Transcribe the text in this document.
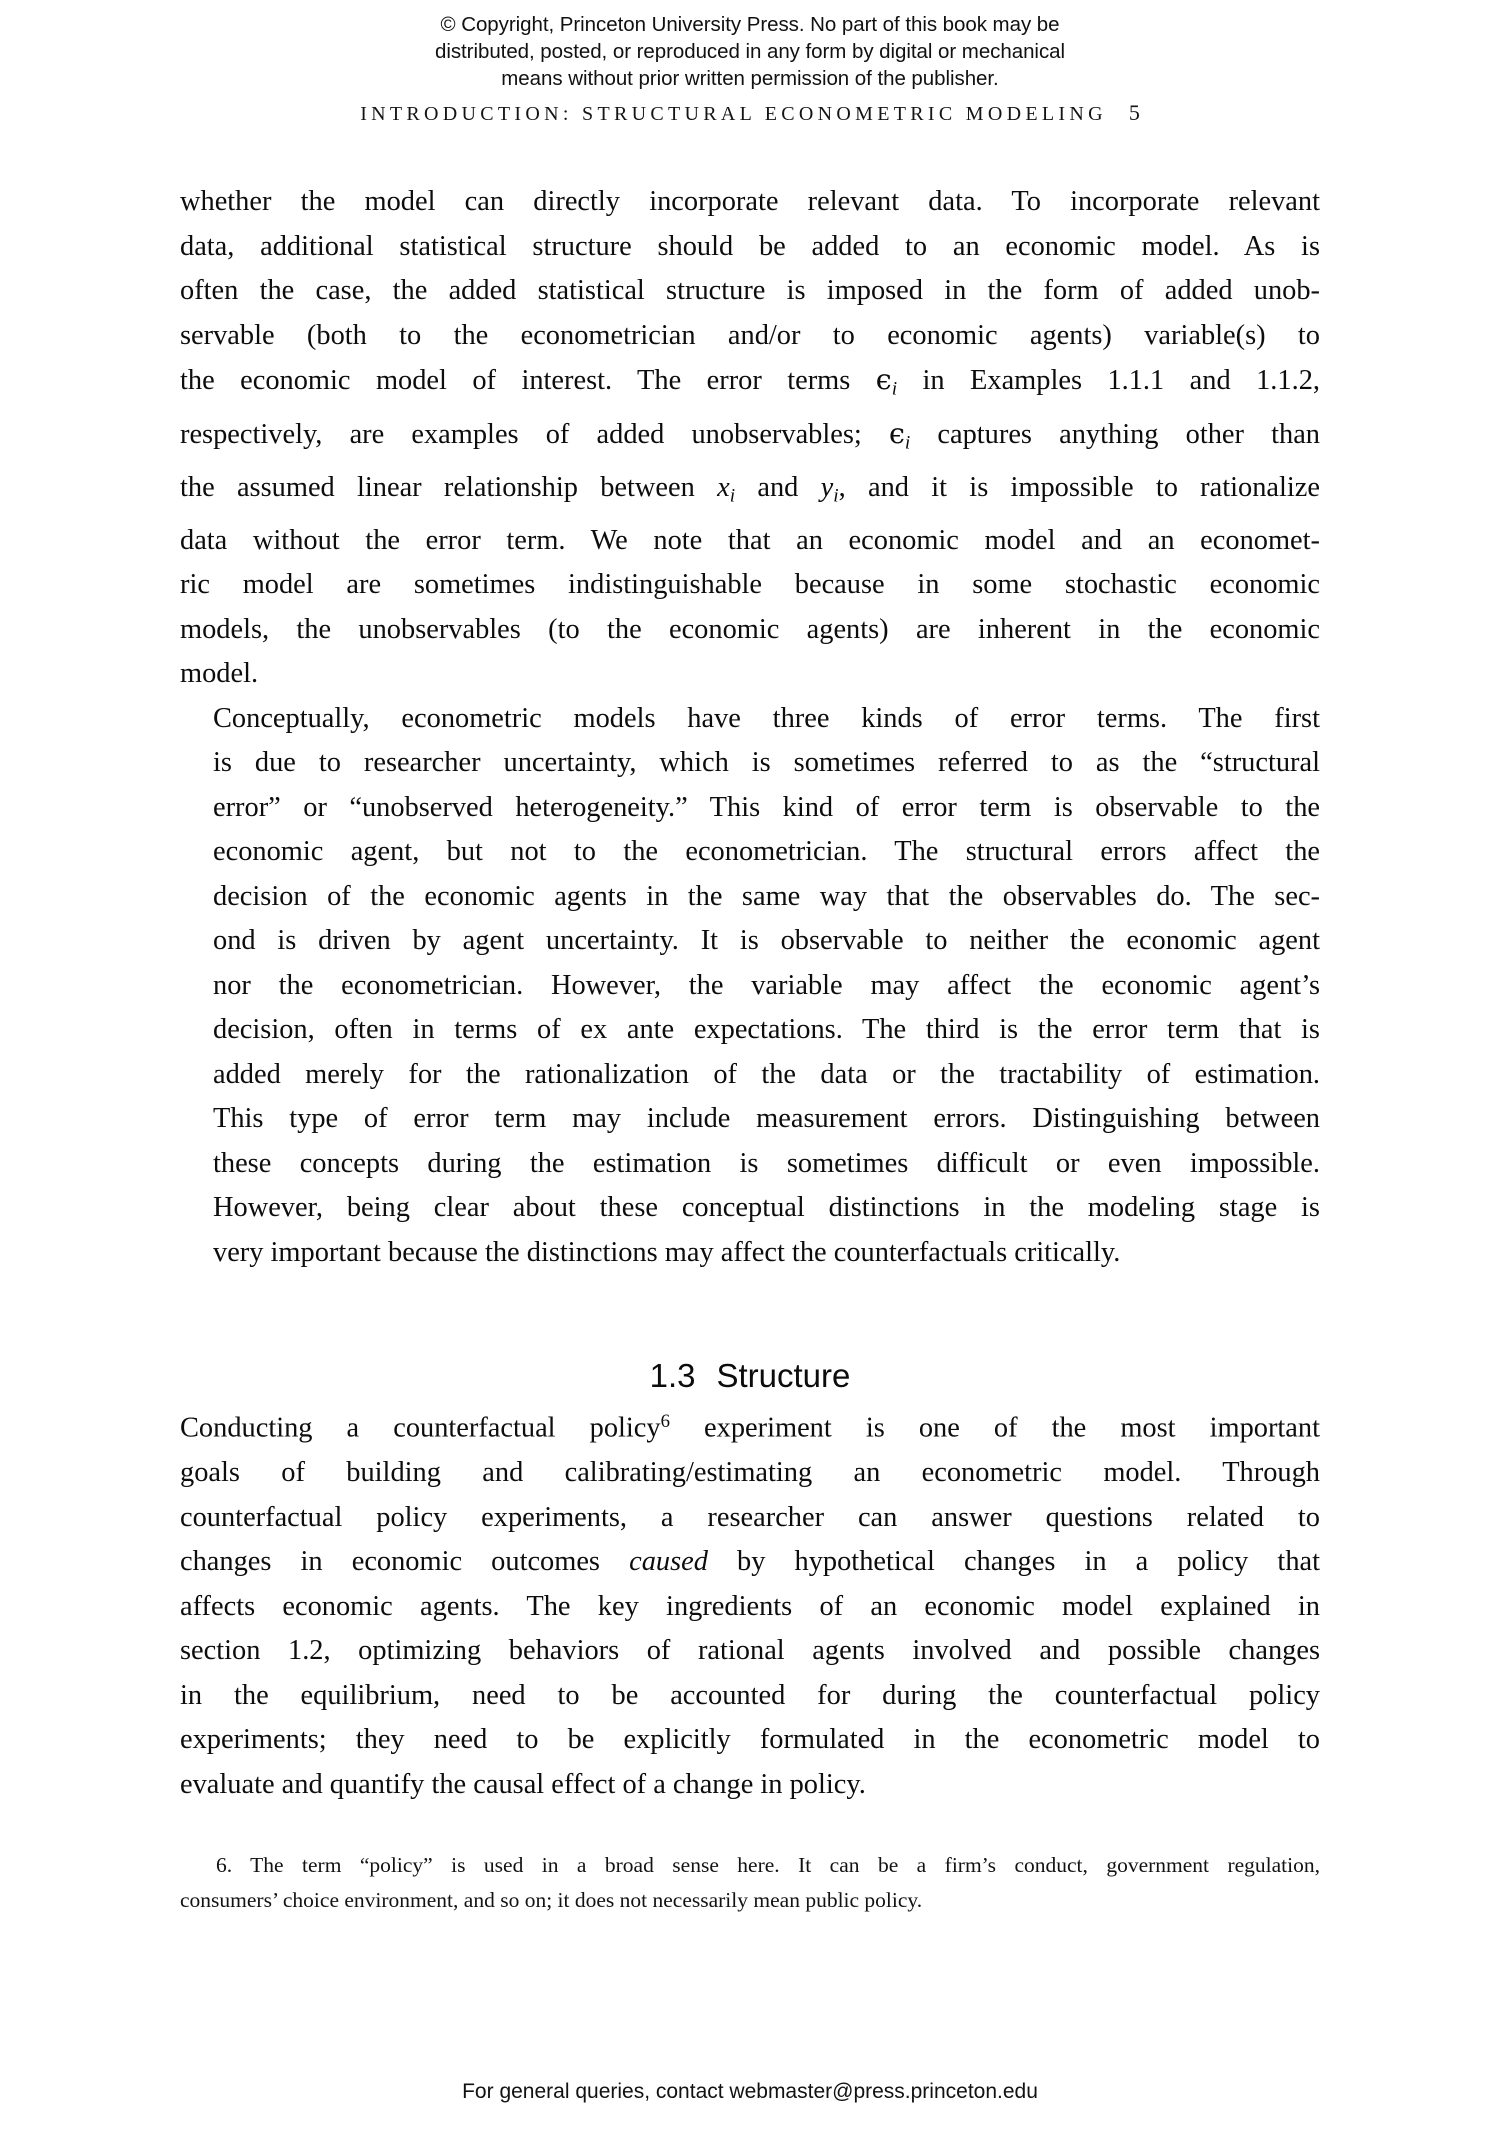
© Copyright, Princeton University Press. No part of this book may be
distributed, posted, or reproduced in any form by digital or mechanical
means without prior written permission of the publisher.
INTRODUCTION: STRUCTURAL ECONOMETRIC MODELING 5

whether the model can directly incorporate relevant data. To incorporate relevant
data, additional statistical structure should be added to an economic model. As is
often the case, the added statistical structure is imposed in the form of added unob-
servable (both to the econometrician and/or to economic agents) variable(s) to
the economic model of interest. The error terms $\epsilon_i$ in Examples 1.1.1 and 1.1.2,
respectively, are examples of added unobservables; $\epsilon_i$ captures anything other than
the assumed linear relationship between $x_i$ and $y_i$, and it is impossible to rationalize
data without the error term. We note that an economic model and an economet-
ric model are sometimes indistinguishable because in some stochastic economic
models, the unobservables (to the economic agents) are inherent in the economic
model.

Conceptually, econometric models have three kinds of error terms. The first
is due to researcher uncertainty, which is sometimes referred to as the “structural
error” or “unobserved heterogeneity.” This kind of error term is observable to the
economic agent, but not to the econometrician. The structural errors affect the
decision of the economic agents in the same way that the observables do. The sec-
ond is driven by agent uncertainty. It is observable to neither the economic agent
nor the econometrician. However, the variable may affect the economic agent’s
decision, often in terms of ex ante expectations. The third is the error term that is
added merely for the rationalization of the data or the tractability of estimation.
This type of error term may include measurement errors. Distinguishing between
these concepts during the estimation is sometimes difficult or even impossible.
However, being clear about these conceptual distinctions in the modeling stage is
very important because the distinctions may affect the counterfactuals critically.

1.3 Structure

Conducting a counterfactual policy$^6$ experiment is one of the most important
goals of building and calibrating/estimating an econometric model. Through
counterfactual policy experiments, a researcher can answer questions related to
changes in economic outcomes caused by hypothetical changes in a policy that
affects economic agents. The key ingredients of an economic model explained in
section 1.2, optimizing behaviors of rational agents involved and possible changes
in the equilibrium, need to be accounted for during the counterfactual policy
experiments; they need to be explicitly formulated in the econometric model to
evaluate and quantify the causal effect of a change in policy.

6. The term “policy” is used in a broad sense here. It can be a firm’s conduct, government regulation,
consumers’ choice environment, and so on; it does not necessarily mean public policy.
For general queries, contact webmaster@press.princeton.edu
